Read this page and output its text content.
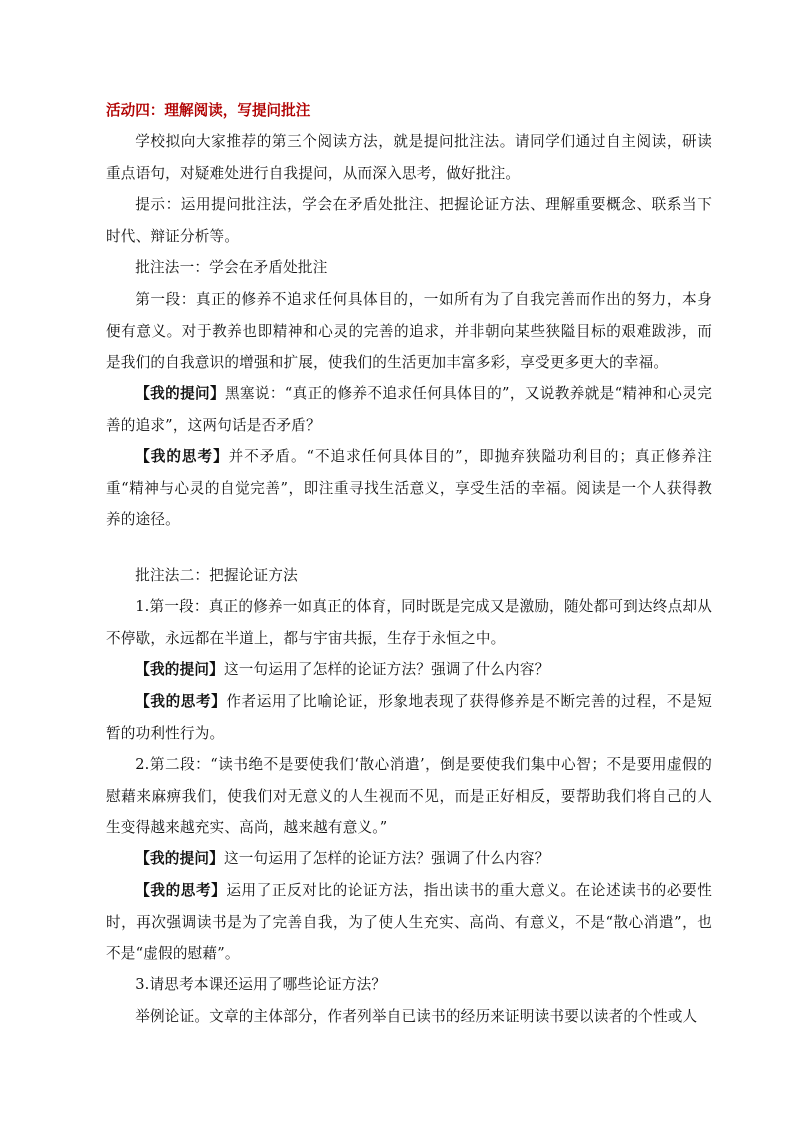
活动四：理解阅读，写提问批注

学校拟向大家推荐的第三个阅读方法，就是提问批注法。请同学们通过自主阅读，研读重点语句，对疑难处进行自我提问，从而深入思考，做好批注。

提示：运用提问批注法，学会在矛盾处批注、把握论证方法、理解重要概念、联系当下时代、辩证分析等。

批注法一：学会在矛盾处批注

第一段：真正的修养不追求任何具体目的，一如所有为了自我完善而作出的努力，本身便有意义。对于教养也即精神和心灵的完善的追求，并非朝向某些狭隘目标的艰难跋涉，而是我们的自我意识的增强和扩展，使我们的生活更加丰富多彩，享受更多更大的幸福。

【我的提问】黑塞说：“真正的修养不追求任何具体目的”，又说教养就是“精神和心灵完善的追求”，这两句话是否矛盾？

【我的思考】并不矛盾。“不追求任何具体目的”，即抛弃狭隘功利目的；真正修养注重“精神与心灵的自觉完善”，即注重寻找生活意义，享受生活的幸福。阅读是一个人获得教养的途径。

批注法二：把握论证方法

1.第一段：真正的修养一如真正的体育，同时既是完成又是激励，随处都可到达终点却从不停歇，永远都在半道上，都与宇宙共振，生存于永恒之中。

【我的提问】这一句运用了怎样的论证方法？强调了什么内容？

【我的思考】作者运用了比喻论证，形象地表现了获得修养是不断完善的过程，不是短暂的功利性行为。

2.第二段：“读书绝不是要使我们‘散心消遣’，倒是要使我们集中心智；不是要用虚假的慰藉来麻痹我们，使我们对无意义的人生视而不见，而是正好相反，要帮助我们将自己的人生变得越来越充实、高尚，越来越有意义。”

【我的提问】这一句运用了怎样的论证方法？强调了什么内容？

【我的思考】运用了正反对比的论证方法，指出读书的重大意义。在论述读书的必要性时，再次强调读书是为了完善自我，为了使人生充实、高尚、有意义，不是“散心消遣”，也不是“虚假的慰藉”。

3.请思考本课还运用了哪些论证方法？

举例论证。文章的主体部分，作者列举自已读书的经历来证明读书要以读者的个性或人
